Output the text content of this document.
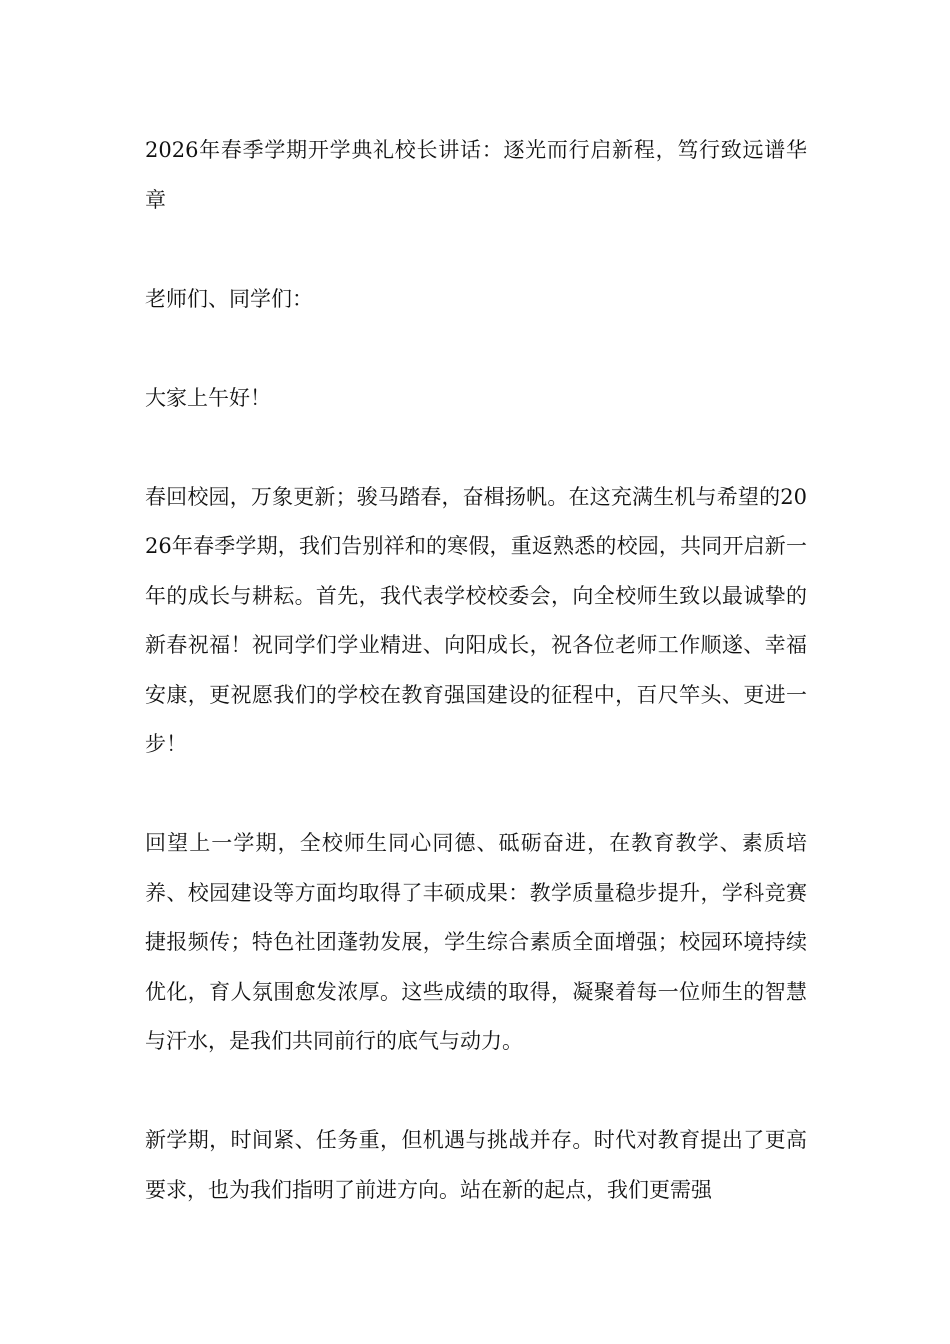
2026年春季学期开学典礼校长讲话：逐光而行启新程，笃行致远谱华章

老师们、同学们：

大家上午好！

春回校园，万象更新；骏马踏春，奋楫扬帆。在这充满生机与希望的2026年春季学期，我们告别祥和的寒假，重返熟悉的校园，共同开启新一年的成长与耕耘。首先，我代表学校校委会，向全校师生致以最诚挚的新春祝福！祝同学们学业精进、向阳成长，祝各位老师工作顺遂、幸福安康，更祝愿我们的学校在教育强国建设的征程中，百尺竿头、更进一步！

回望上一学期，全校师生同心同德、砥砺奋进，在教育教学、素质培养、校园建设等方面均取得了丰硕成果：教学质量稳步提升，学科竞赛捷报频传；特色社团蓬勃发展，学生综合素质全面增强；校园环境持续优化，育人氛围愈发浓厚。这些成绩的取得，凝聚着每一位师生的智慧与汗水，是我们共同前行的底气与动力。

新学期，时间紧、任务重，但机遇与挑战并存。时代对教育提出了更高要求，也为我们指明了前进方向。站在新的起点，我们更需强
